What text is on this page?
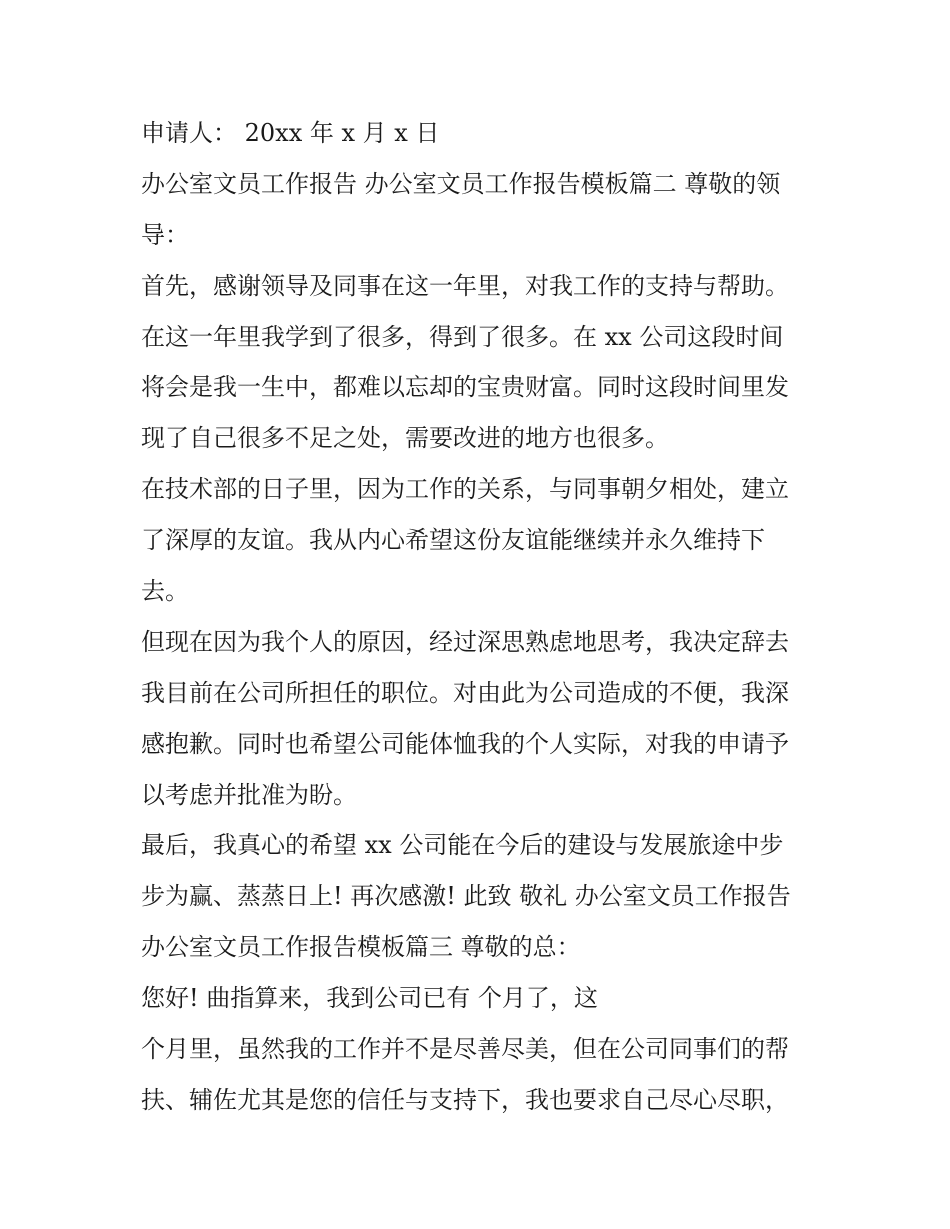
申请人： 20xx 年 x 月 x 日
办公室文员工作报告 办公室文员工作报告模板篇二 尊敬的领
导：
首先，感谢领导及同事在这一年里，对我工作的支持与帮助。
在这一年里我学到了很多，得到了很多。在 xx 公司这段时间
将会是我一生中，都难以忘却的宝贵财富。同时这段时间里发
现了自己很多不足之处，需要改进的地方也很多。
在技术部的日子里，因为工作的关系，与同事朝夕相处，建立
了深厚的友谊。我从内心希望这份友谊能继续并永久维持下
去。
但现在因为我个人的原因，经过深思熟虑地思考，我决定辞去
我目前在公司所担任的职位。对由此为公司造成的不便，我深
感抱歉。同时也希望公司能体恤我的个人实际，对我的申请予
以考虑并批准为盼。
最后，我真心的希望 xx 公司能在今后的建设与发展旅途中步
步为赢、蒸蒸日上! 再次感激! 此致 敬礼 办公室文员工作报告
办公室文员工作报告模板篇三 尊敬的总：
您好! 曲指算来，我到公司已有 个月了，这
个月里，虽然我的工作并不是尽善尽美，但在公司同事们的帮
扶、辅佐尤其是您的信任与支持下，我也要求自己尽心尽职，
